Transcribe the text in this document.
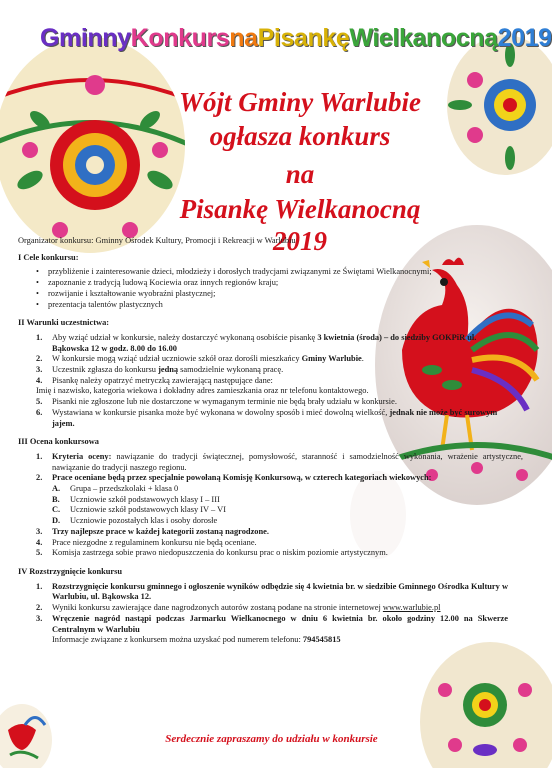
GminnyKonkursnaPisankęWielkanocną2019
Wójt Gminy Warlubie
ogłasza konkurs
na
Pisankę Wielkanocną 2019

Organizator konkursu: Gminny Ośrodek Kultury, Promocji i Rekreacji w Warlubiu

I Cele konkursu:

• przybliżenie i zainteresowanie dzieci, młodzieży i dorosłych tradycjami związanymi ze Świętami Wielkanocnymi;
• zapoznanie z tradycją ludową Kociewia oraz innych regionów kraju;
• rozwijanie i kształtowanie wyobraźni plastycznej;
• prezentacja talentów plastycznych

II Warunki uczestnictwa:

1. Aby wziąć udział w konkursie, należy dostarczyć wykonaną osobiście pisankę 3 kwietnia (środa) – do siedziby GOKPiR ul. Bąkowska 12 w godz. 8.00 do 16.00
2. W konkursie mogą wziąć udział uczniowie szkół oraz dorośli mieszkańcy Gminy Warlubie.
3. Uczestnik zgłasza do konkursu jedną samodzielnie wykonaną pracę.
4. Pisankę należy opatrzyć metryczką zawierającą następujące dane:
Imię i nazwisko, kategoria wiekowa i dokładny adres zamieszkania oraz nr telefonu kontaktowego.
5. Pisanki nie zgłoszone lub nie dostarczone w wymaganym terminie nie będą brały udziału w konkursie.
6. Wystawiana w konkursie pisanka może być wykonana w dowolny sposób i mieć dowolną wielkość, jednak nie może być surowym jajem.

III Ocena konkursowa

1. Kryteria oceny: nawiązanie do tradycji świątecznej, pomysłowość, staranność i samodzielność wykonania, wrażenie artystyczne, nawiązanie do tradycji naszego regionu.
2. Prace oceniane będą przez specjalnie powołaną Komisję Konkursową, w czterech kategoriach wiekowych:
A. Grupa – przedszkolaki + klasa 0
B. Uczniowie szkół podstawowych klasy I – III
C. Uczniowie szkół podstawowych klasy IV – VI
D. Uczniowie pozostałych klas i osoby dorosłe
3. Trzy najlepsze prace w każdej kategorii zostaną nagrodzone.
4. Prace niezgodne z regulaminem konkursu nie będą oceniane.
5. Komisja zastrzega sobie prawo niedopuszczenia do konkursu prac o niskim poziomie artystycznym.

IV Rozstrzygnięcie konkursu

1. Rozstrzygnięcie konkursu gminnego i ogłoszenie wyników odbędzie się 4 kwietnia br. w siedzibie Gminnego Ośrodka Kultury w Warlubiu, ul. Bąkowska 12.
2. Wyniki konkursu zawierające dane nagrodzonych autorów zostaną podane na stronie internetowej www.warlubie.pl
3. Wręczenie nagród nastąpi podczas Jarmarku Wielkanocnego w dniu 6 kwietnia br. około godziny 12.00 na Skwerze Centralnym w Warlubiu
Informacje związane z konkursem można uzyskać pod numerem telefonu: 794545815
Serdecznie zapraszamy do udziału w konkursie
